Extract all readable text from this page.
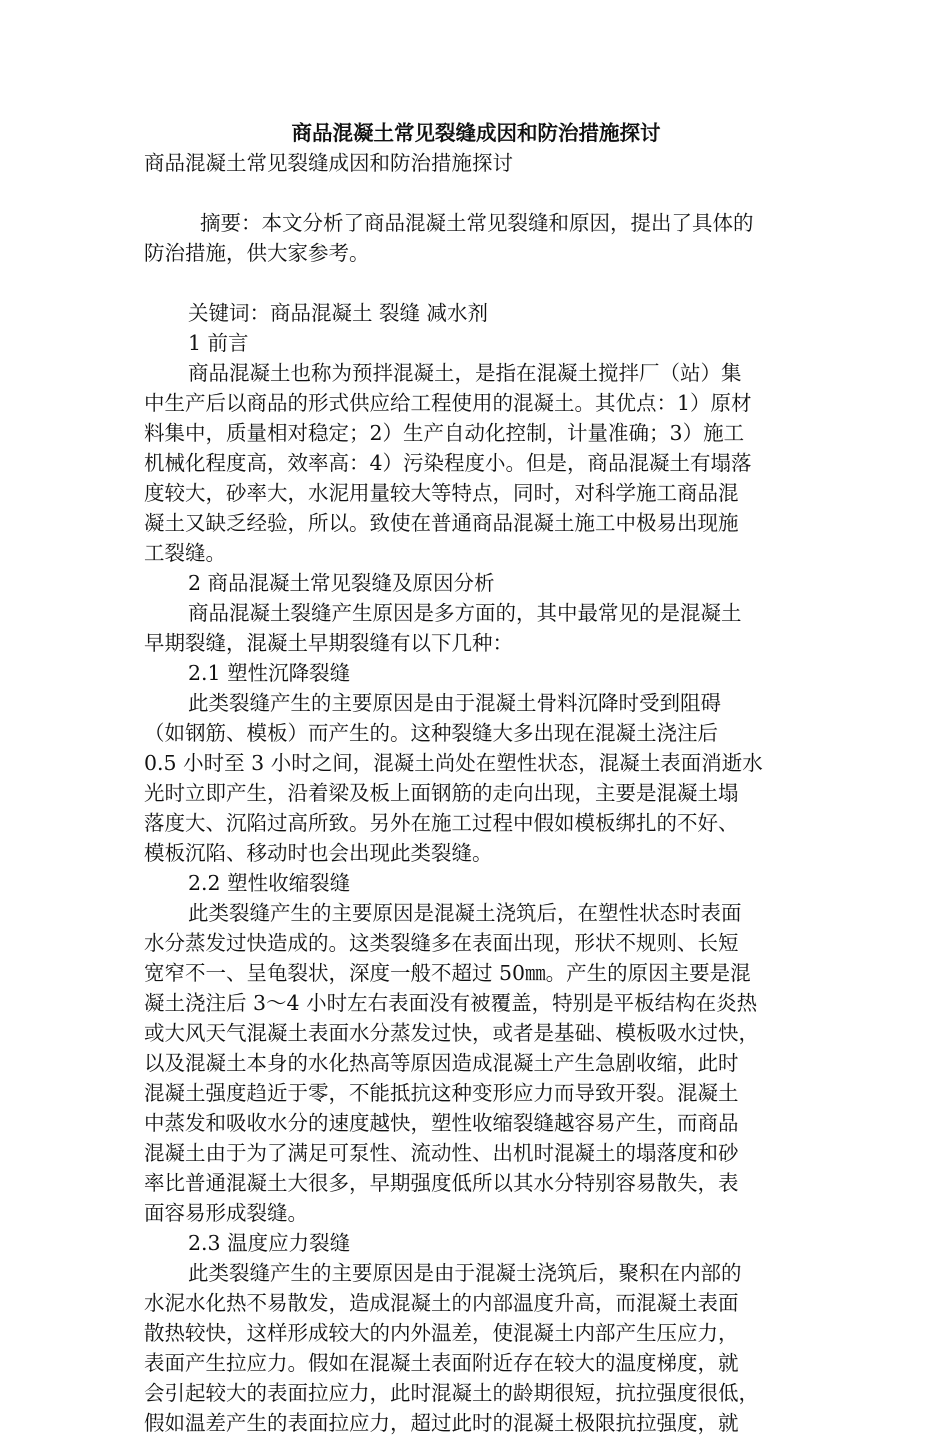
商品混凝土常见裂缝成因和防治措施探讨

商品混凝土常见裂缝成因和防治措施探讨

摘要：本文分析了商品混凝土常见裂缝和原因，提出了具体的

防治措施，供大家参考。

关键词：商品混凝土 裂缝 减水剂

1 前言

商品混凝土也称为预拌混凝土，是指在混凝土搅拌厂（站）集

中生产后以商品的形式供应给工程使用的混凝土。其优点：1）原材

料集中，质量相对稳定；2）生产自动化控制，计量准确；3）施工

机械化程度高，效率高：4）污染程度小。但是，商品混凝土有塌落

度较大，砂率大，水泥用量较大等特点，同时，对科学施工商品混

凝土又缺乏经验，所以。致使在普通商品混凝土施工中极易出现施

工裂缝。

2 商品混凝土常见裂缝及原因分析

商品混凝土裂缝产生原因是多方面的，其中最常见的是混凝土

早期裂缝，混凝土早期裂缝有以下几种：

2.1 塑性沉降裂缝

此类裂缝产生的主要原因是由于混凝土骨料沉降时受到阻碍

（如钢筋、模板）而产生的。这种裂缝大多出现在混凝土浇注后

0.5 小时至 3 小时之间，混凝土尚处在塑性状态，混凝土表面消逝水

光时立即产生，沿着梁及板上面钢筋的走向出现，主要是混凝土塌

落度大、沉陷过高所致。另外在施工过程中假如模板绑扎的不好、

模板沉陷、移动时也会出现此类裂缝。

2.2 塑性收缩裂缝

此类裂缝产生的主要原因是混凝土浇筑后，在塑性状态时表面

水分蒸发过快造成的。这类裂缝多在表面出现，形状不规则、长短

宽窄不一、呈龟裂状，深度一般不超过 50㎜。产生的原因主要是混

凝土浇注后 3～4 小时左右表面没有被覆盖，特别是平板结构在炎热

或大风天气混凝土表面水分蒸发过快，或者是基础、模板吸水过快，

以及混凝土本身的水化热高等原因造成混凝土产生急剧收缩，此时

混凝土强度趋近于零，不能抵抗这种变形应力而导致开裂。混凝土

中蒸发和吸收水分的速度越快，塑性收缩裂缝越容易产生，而商品

混凝土由于为了满足可泵性、流动性、出机时混凝土的塌落度和砂

率比普通混凝土大很多，早期强度低所以其水分特别容易散失，表

面容易形成裂缝。

2.3 温度应力裂缝

此类裂缝产生的主要原因是由于混凝士浇筑后，聚积在内部的

水泥水化热不易散发，造成混凝土的内部温度升高，而混凝土表面

散热较快，这样形成较大的内外温差，使混凝土内部产生压应力，

表面产生拉应力。假如在混凝土表面附近存在较大的温度梯度，就

会引起较大的表面拉应力，此时混凝土的龄期很短，抗拉强度很低，

假如温差产生的表面拉应力，超过此时的混凝土极限抗拉强度，就
